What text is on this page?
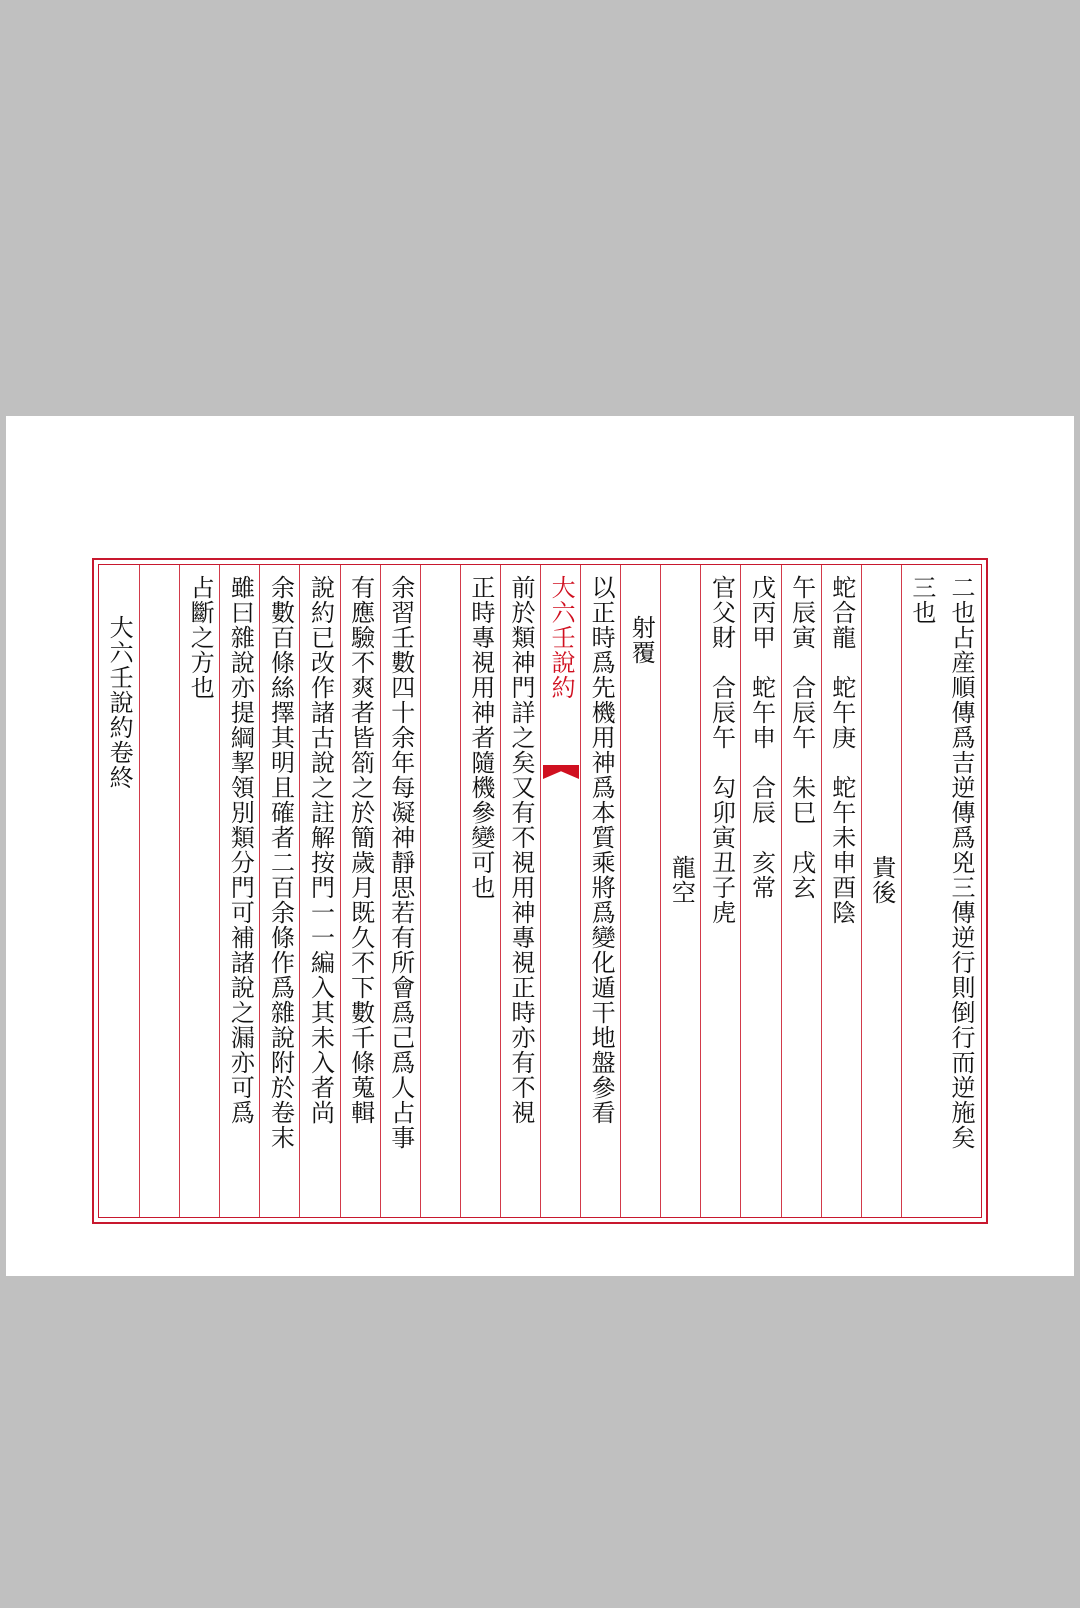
二也占産順傳爲吉逆傳爲兇三傳逆行則倒行而逆施矣
三也
貴後
蛇合龍　蛇午庚　蛇午未申酉陰
午辰寅　合辰午　朱巳　戌玄
戊丙甲　蛇午申　合辰　亥常
官父財　合辰午　勾卯寅丑子虎
龍空
射覆
以正時爲先機用神爲本質乘將爲變化遁干地盤參看
大六壬說約
前於類神門詳之矣又有不視用神專視正時亦有不視
正時專視用神者隨機參變可也
余習壬數四十余年每凝神靜思若有所會爲己爲人占事
有應驗不爽者皆箚之於簡歲月既久不下數千條蒐輯
說約已改作諸古說之註解按門一一編入其未入者尚
余數百條絲擇其明且確者二百余條作爲雜說附於卷末
雖曰雜說亦提綱挈領別類分門可補諸說之漏亦可爲
占斷之方也
大六壬說約卷終
